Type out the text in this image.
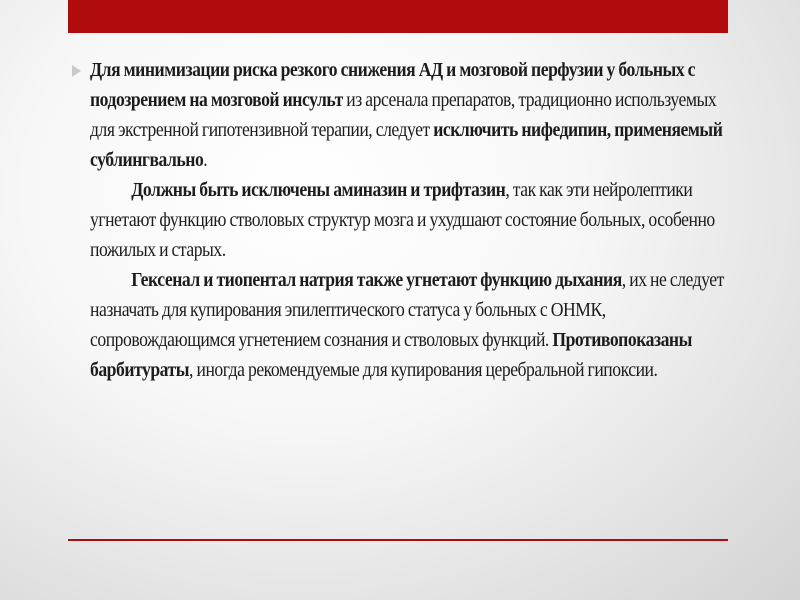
Для минимизации риска резкого снижения АД и мозговой перфузии у больных с подозрением на мозговой инсульт из арсенала препаратов, традиционно используемых для экстренной гипотензивной терапии, следует исключить нифедипин, применяемый сублингвально.

Должны быть исключены аминазин и трифтазин, так как эти нейролептики угнетают функцию стволовых структур мозга и ухудшают состояние больных, особенно пожилых и старых.

Гексенал и тиопентал натрия также угнетают функцию дыхания, их не следует назначать для купирования эпилептического статуса у больных с ОНМК, сопровождающимся угнетением сознания и стволовых функций. Противопоказаны барбитураты, иногда рекомендуемые для купирования церебральной гипоксии.
